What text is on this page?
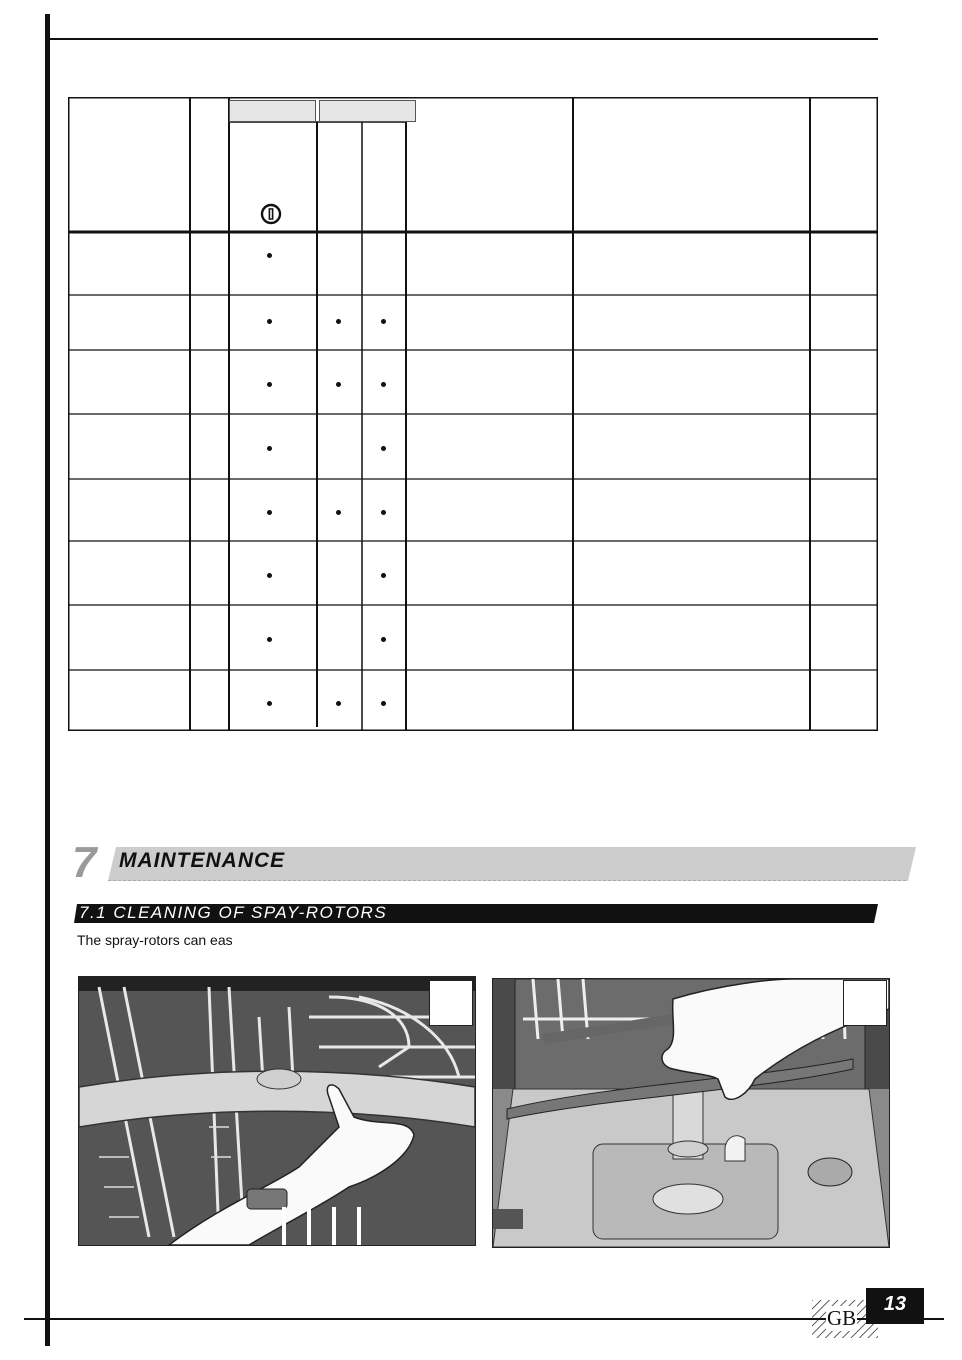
7 MAINTENANCE
7.1 CLEANING OF SPAY-ROTORS
The spray-rotors can eas
GB
13
